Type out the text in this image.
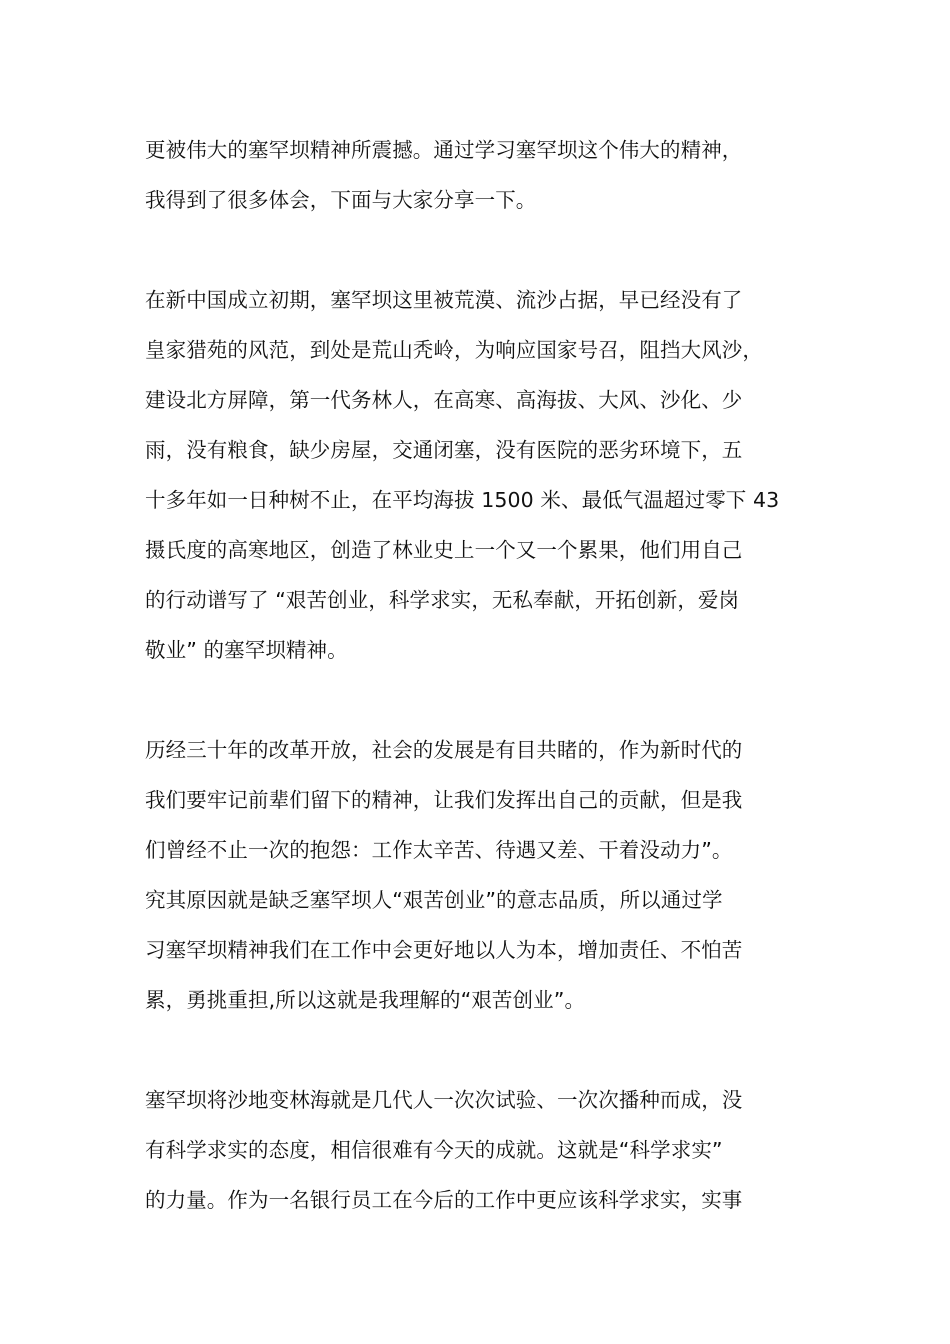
更被伟大的塞罕坝精神所震撼。通过学习塞罕坝这个伟大的精神，
我得到了很多体会，下面与大家分享一下。
在新中国成立初期，塞罕坝这里被荒漠、流沙占据，早已经没有了
皇家猎苑的风范，到处是荒山秃岭，为响应国家号召，阻挡大风沙，
建设北方屏障，第一代务林人，在高寒、高海拔、大风、沙化、少
雨，没有粮食，缺少房屋，交通闭塞，没有医院的恶劣环境下，五
十多年如一日种树不止，在平均海拔 1500 米、最低气温超过零下 43
摄氏度的高寒地区，创造了林业史上一个又一个累果，他们用自己
的行动谱写了 “艰苦创业，科学求实，无私奉献，开拓创新，爱岗
敬业” 的塞罕坝精神。
历经三十年的改革开放，社会的发展是有目共睹的，作为新时代的
我们要牢记前辈们留下的精神，让我们发挥出自己的贡献，但是我
们曾经不止一次的抱怨：工作太辛苦、待遇又差、干着没动力”。
究其原因就是缺乏塞罕坝人“艰苦创业”的意志品质，所以通过学
习塞罕坝精神我们在工作中会更好地以人为本，增加责任、不怕苦
累，勇挑重担,所以这就是我理解的“艰苦创业”。
塞罕坝将沙地变林海就是几代人一次次试验、一次次播种而成，没
有科学求实的态度，相信很难有今天的成就。这就是“科学求实”
的力量。作为一名银行员工在今后的工作中更应该科学求实，实事
